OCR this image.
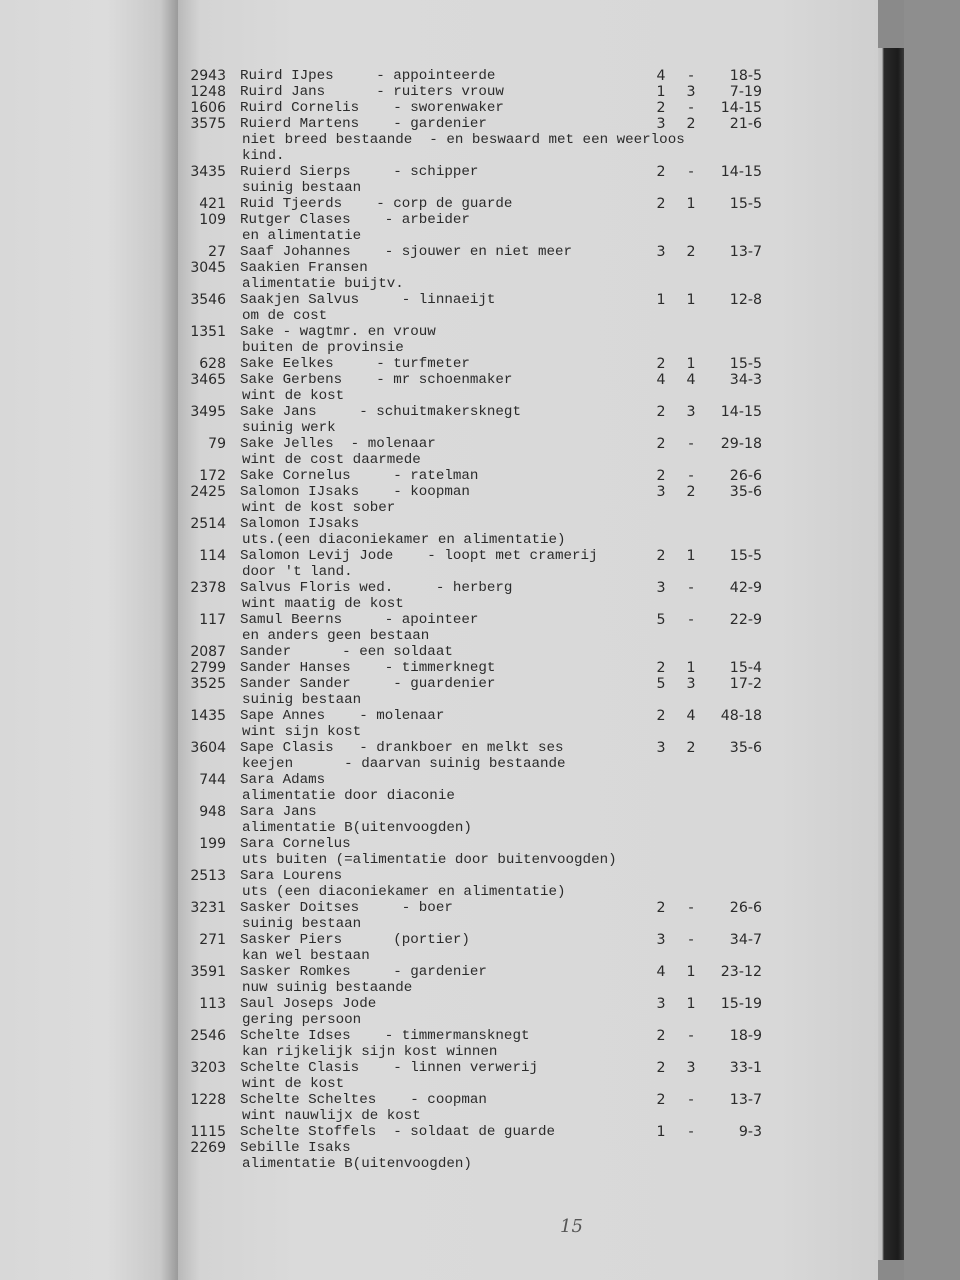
2943 Ruird IJpes     - appointeerde	4	-	18-5
1248 Ruird Jans      - ruiters vrouw	1 3	7-19
1606 Ruird Cornelis    - sworenwaker	2	-	14-15
3575 Ruierd Martens    - gardenier	3 2	21-6
niet breed bestaande  - en beswaard met een weerloos
kind.
3435 Ruierd Sierps     - schipper	2	-	14-15
suinig bestaan
421 Ruid Tjeerds    - corp de guarde	2 1	15-5
109 Rutger Clases    - arbeider
en alimentatie
27 Saaf Johannes    - sjouwer en niet meer	3 2	13-7
3045 Saakien Fransen
alimentatie buijtv.
3546 Saakjen Salvus     - linnaeijt	1 1	12-8
om de cost
1351 Sake - wagtmr. en vrouw
buiten de provinsie
628 Sake Eelkes     - turfmeter	2 1	15-5
3465 Sake Gerbens    - mr schoenmaker	4 4	34-3
wint de kost
3495 Sake Jans     - schuitmakersknegt	2 3	14-15
suinig werk
79 Sake Jelles  - molenaar	2	-	29-18
wint de cost daarmede
172 Sake Cornelus     - ratelman	2	-	26-6
2425 Salomon IJsaks    - koopman	3 2	35-6
wint de kost sober
2514 Salomon IJsaks
uts.(een diaconiekamer en alimentatie)
114 Salomon Levij Jode    - loopt met cramerij	2 1	15-5
door 't land.
2378 Salvus Floris wed.     - herberg	3	-	42-9
wint maatig de kost
117 Samul Beerns     - apointeer	5	-	22-9
en anders geen bestaan
2087 Sander      - een soldaat
2799 Sander Hanses    - timmerknegt	2 1	15-4
3525 Sander Sander     - guardenier	5 3	17-2
suinig bestaan
1435 Sape Annes    - molenaar	2 4	48-18
wint sijn kost
3604 Sape Clasis   - drankboer en melkt ses	3 2	35-6
keejen      - daarvan suinig bestaande
744 Sara Adams
alimentatie door diaconie
948 Sara Jans
alimentatie B(uitenvoogden)
199 Sara Cornelus
uts buiten (=alimentatie door buitenvoogden)
2513 Sara Lourens
uts (een diaconiekamer en alimentatie)
3231 Sasker Doitses     - boer	2	-	26-6
suinig bestaan
271 Sasker Piers      (portier)	3	-	34-7
kan wel bestaan
3591 Sasker Romkes     - gardenier	4 1	23-12
nuw suinig bestaande
113 Saul Joseps Jode	3 1	15-19
gering persoon
2546 Schelte Idses    - timmermansknegt	2	-	18-9
kan rijkelijk sijn kost winnen
3203 Schelte Clasis    - linnen verwerij	2 3	33-1
wint de kost
1228 Schelte Scheltes    - coopman	2	-	13-7
wint nauwlijx de kost
1115 Schelte Stoffels  - soldaat de guarde	1	-	9-3
2269 Sebille Isaks
alimentatie B(uitenvoogden)
15
